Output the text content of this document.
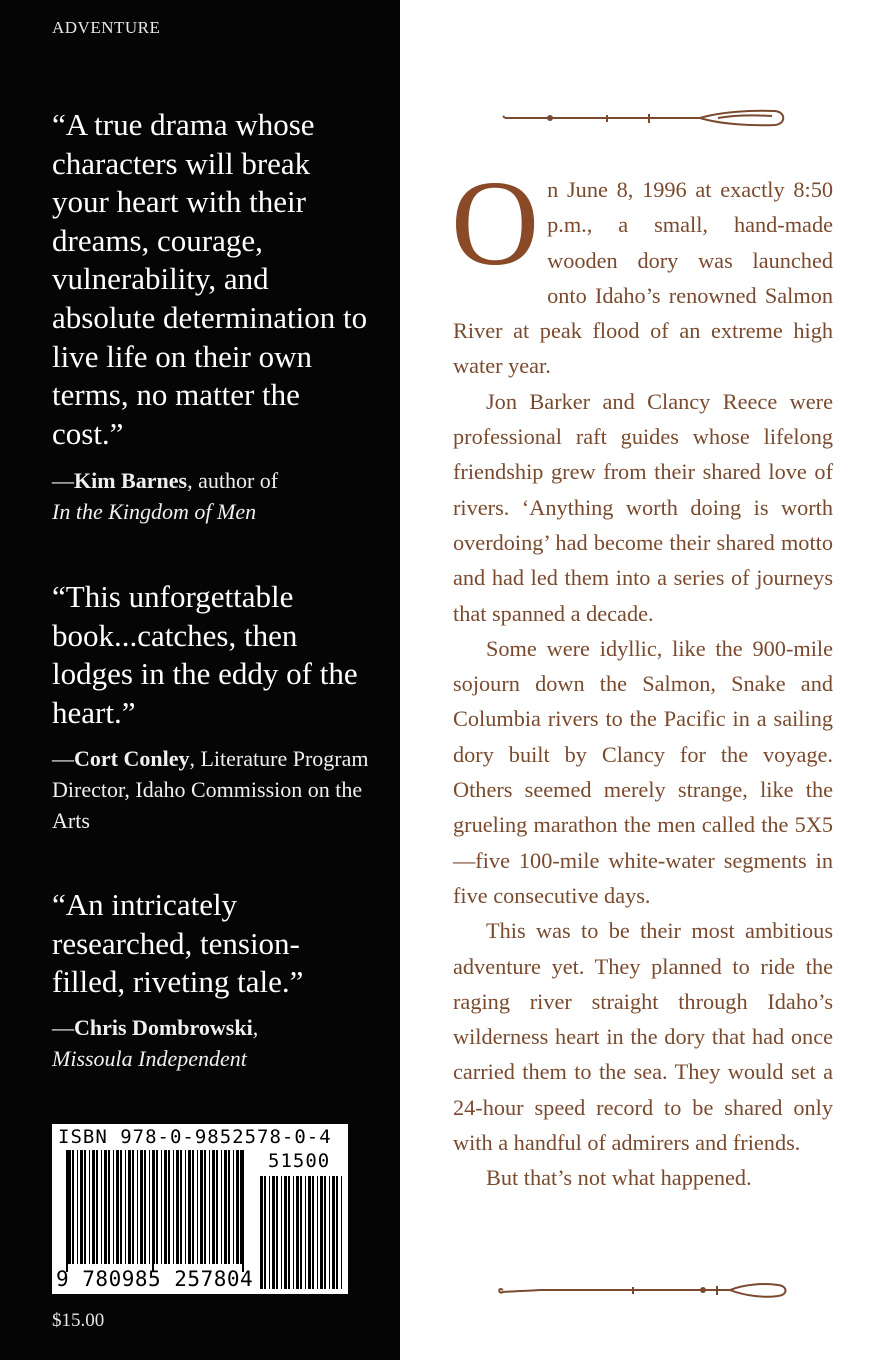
ADVENTURE

“A true drama whose characters will break your heart with their dreams, courage, vulnerability, and absolute determination to live life on their own terms, no matter the cost.”

—Kim Barnes, author of
In the Kingdom of Men

“This unforgettable book...catches, then lodges in the eddy of the heart.”

—Cort Conley, Literature Program Director, Idaho Commission on the Arts

“An intricately researched, tension-filled, riveting tale.”

—Chris Dombrowski,
Missoula Independent
ISBN 978-0-9852578-0-4
51500
9 780985 257804
$15.00

On June 8, 1996 at exactly 8:50 p.m., a small, hand-made wooden dory was launched onto Idaho’s renowned Salmon River at peak flood of an extreme high water year.

Jon Barker and Clancy Reece were professional raft guides whose lifelong friendship grew from their shared love of rivers. ‘Anything worth doing is worth overdoing’ had become their shared motto and had led them into a series of journeys that spanned a decade.

Some were idyllic, like the 900-mile sojourn down the Salmon, Snake and Columbia rivers to the Pacific in a sailing dory built by Clancy for the voyage. Others seemed merely strange, like the grueling marathon the men called the 5X5—five 100-mile white-water segments in five consecutive days.

This was to be their most ambitious adventure yet. They planned to ride the raging river straight through Idaho’s wilderness heart in the dory that had once carried them to the sea. They would set a 24-hour speed record to be shared only with a handful of admirers and friends.

But that’s not what happened.
